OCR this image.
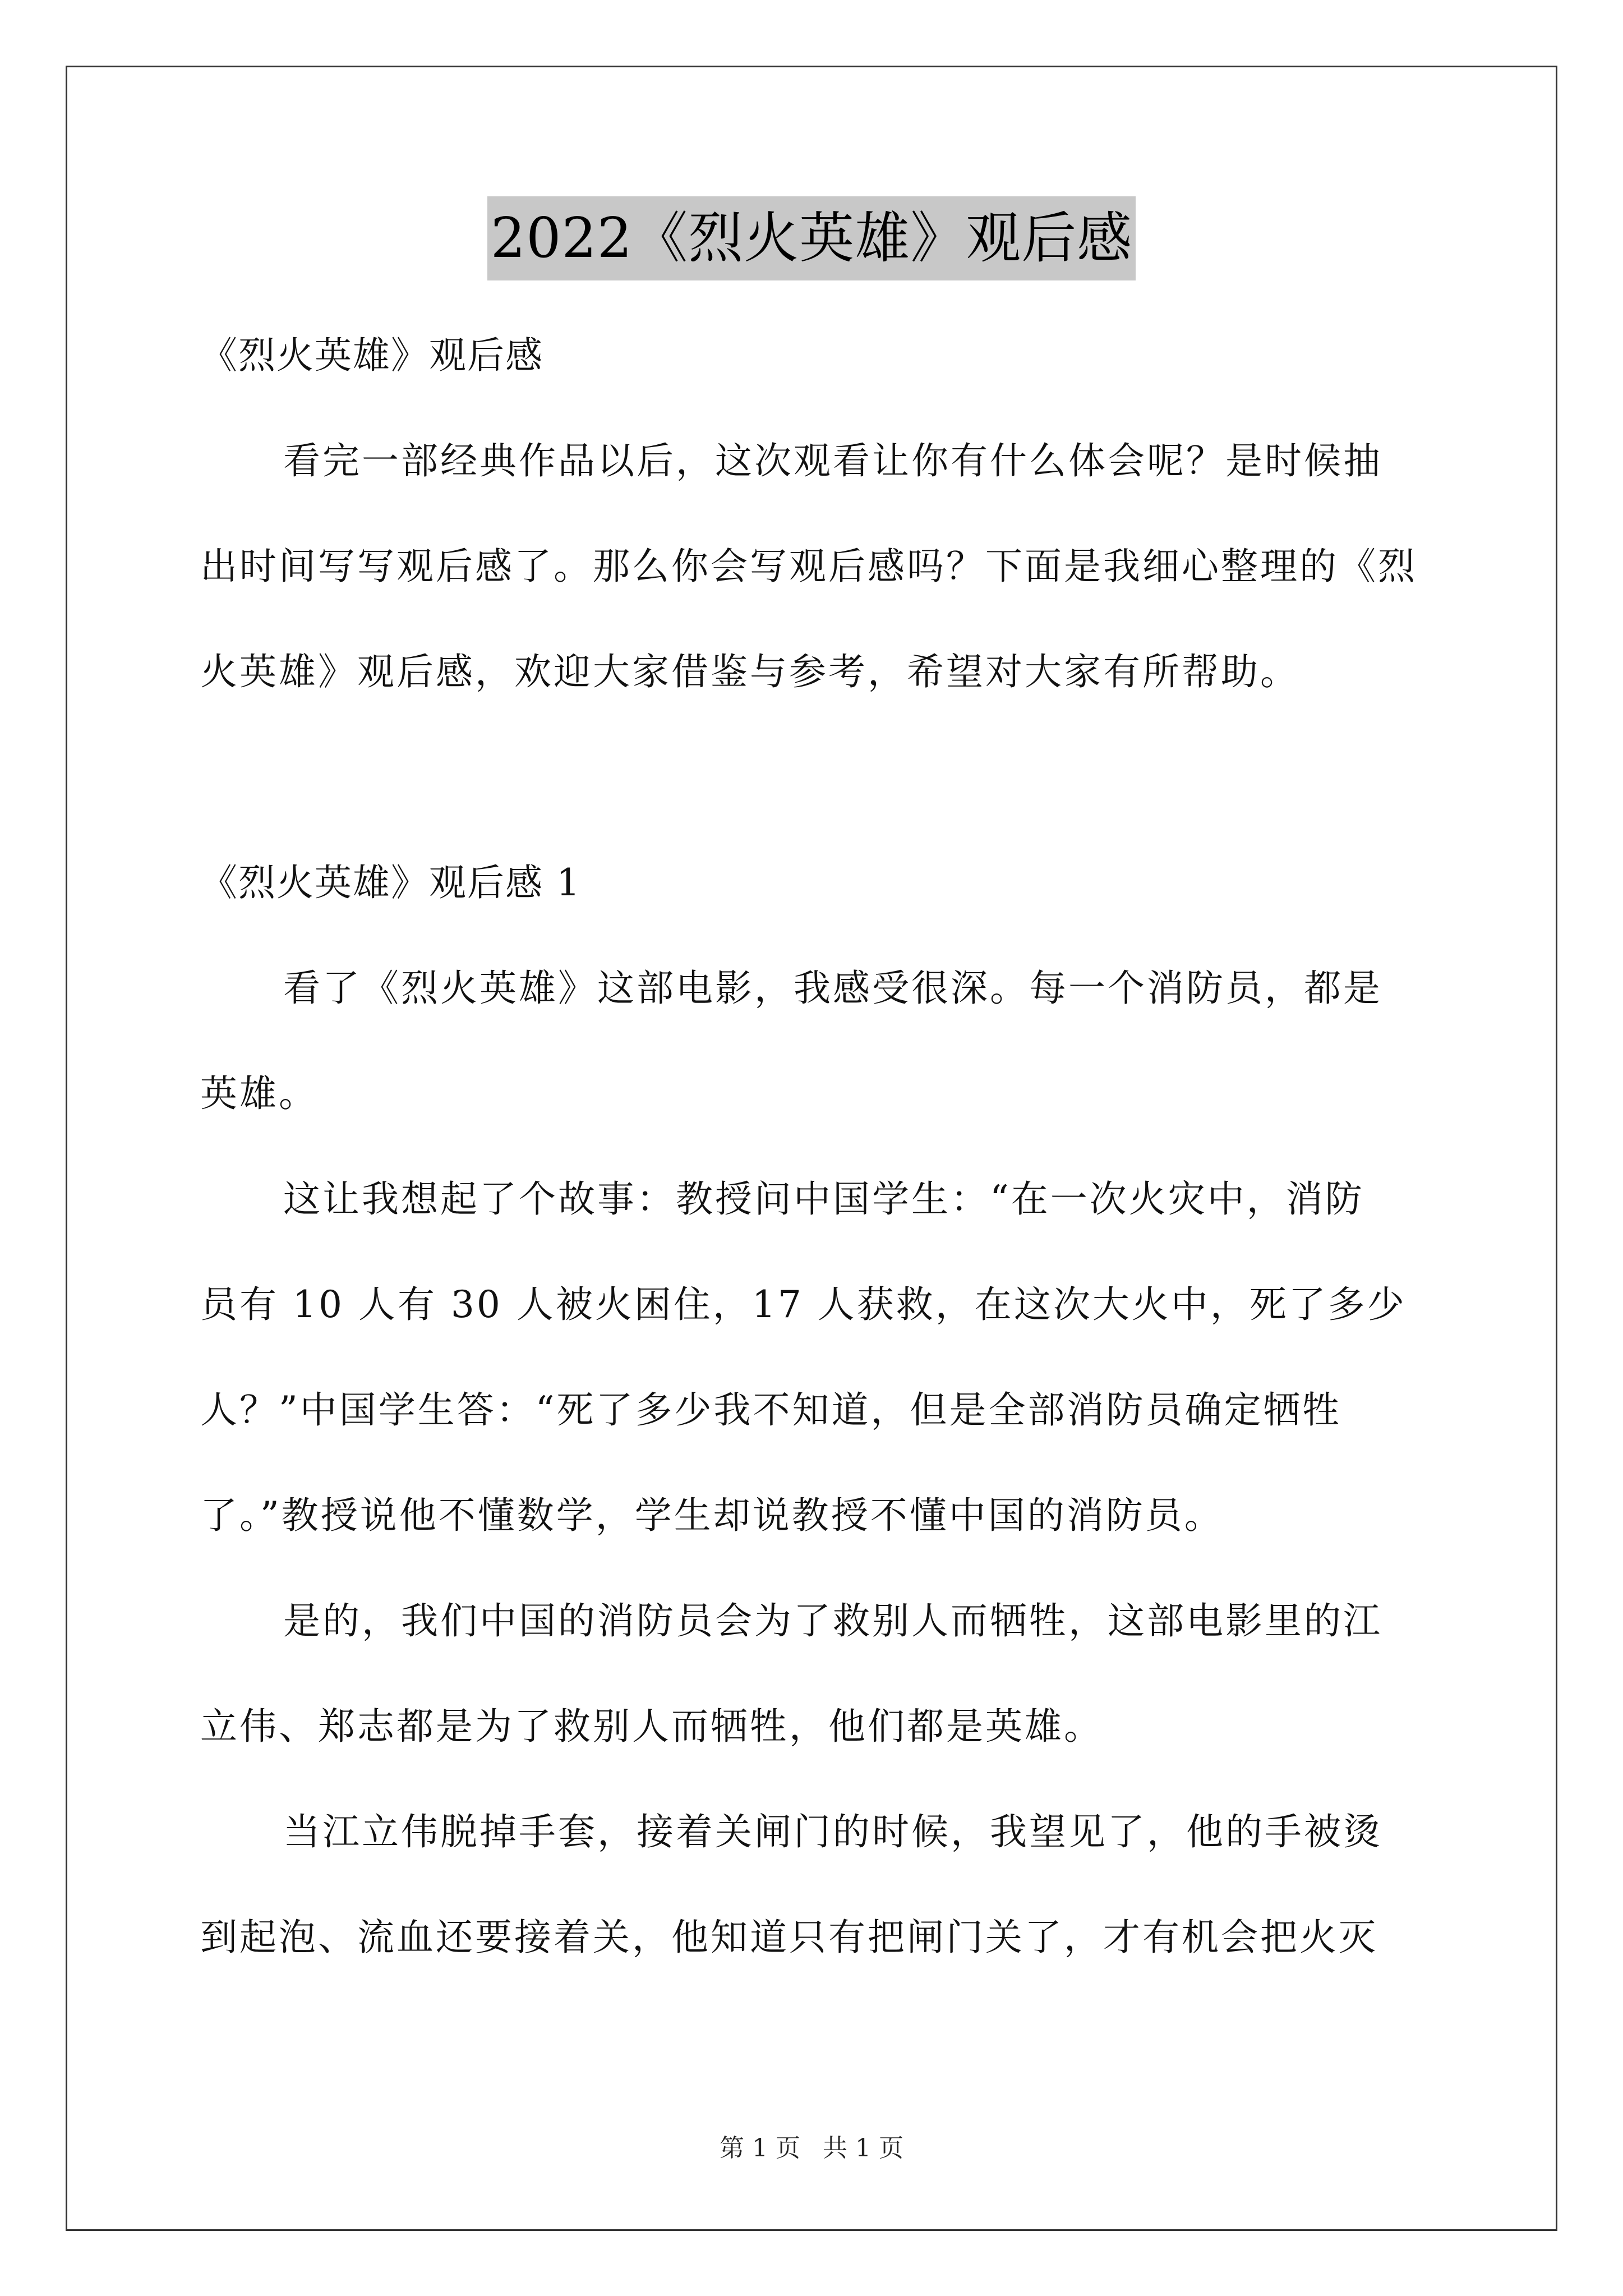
2022《烈火英雄》观后感
《烈火英雄》观后感
看完一部经典作品以后，这次观看让你有什么体会呢？是时候抽
出时间写写观后感了。那么你会写观后感吗？下面是我细心整理的《烈
火英雄》观后感，欢迎大家借鉴与参考，希望对大家有所帮助。
《烈火英雄》观后感 1
看了《烈火英雄》这部电影，我感受很深。每一个消防员，都是
英雄。
这让我想起了个故事：教授问中国学生：“在一次火灾中，消防
员有 10 人有 30 人被火困住，17 人获救，在这次大火中，死了多少
人？”中国学生答：“死了多少我不知道，但是全部消防员确定牺牲
了。”教授说他不懂数学，学生却说教授不懂中国的消防员。
是的，我们中国的消防员会为了救别人而牺牲，这部电影里的江
立伟、郑志都是为了救别人而牺牲，他们都是英雄。
当江立伟脱掉手套，接着关闸门的时候，我望见了，他的手被烫
到起泡、流血还要接着关，他知道只有把闸门关了，才有机会把火灭
第 1 页 共 1 页
